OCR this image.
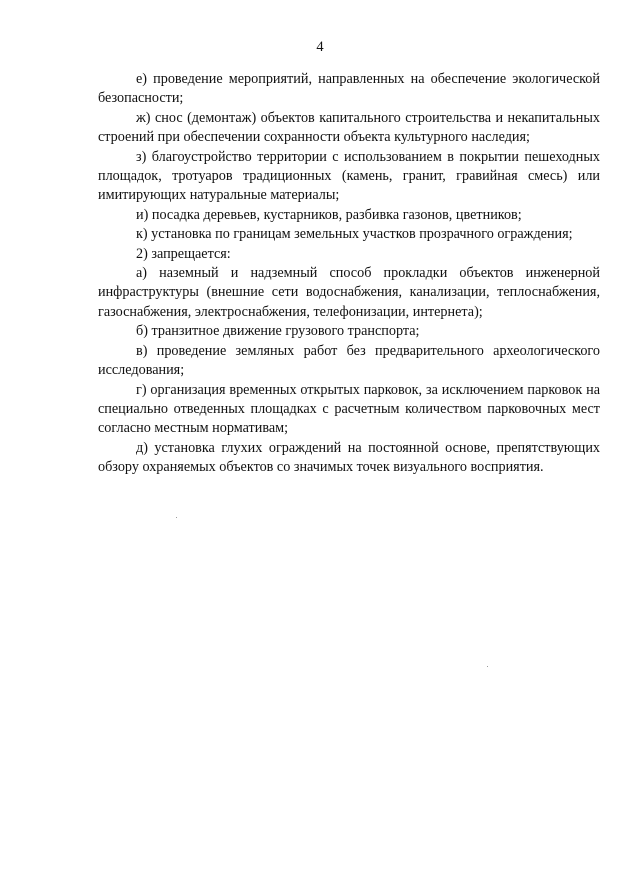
4

е) проведение мероприятий, направленных на обеспечение экологической безопасности;

ж) снос (демонтаж) объектов капитального строительства и некапитальных строений при обеспечении сохранности объекта культурного наследия;

з) благоустройство территории с использованием в покрытии пешеходных площадок, тротуаров традиционных (камень, гранит, гравийная смесь) или имитирующих натуральные материалы;

и) посадка деревьев, кустарников, разбивка газонов, цветников;

к) установка по границам земельных участков прозрачного ограждения;

2) запрещается:

а) наземный и надземный способ прокладки объектов инженерной инфраструктуры (внешние сети водоснабжения, канализации, теплоснабжения, газоснабжения, электроснабжения, телефонизации, интернета);

б) транзитное движение грузового транспорта;

в) проведение земляных работ без предварительного археологического исследования;

г) организация временных открытых парковок, за исключением парковок на специально отведенных площадках с расчетным количеством парковочных мест согласно местным нормативам;

д) установка глухих ограждений на постоянной основе, препятствующих обзору охраняемых объектов со значимых точек визуального восприятия.
